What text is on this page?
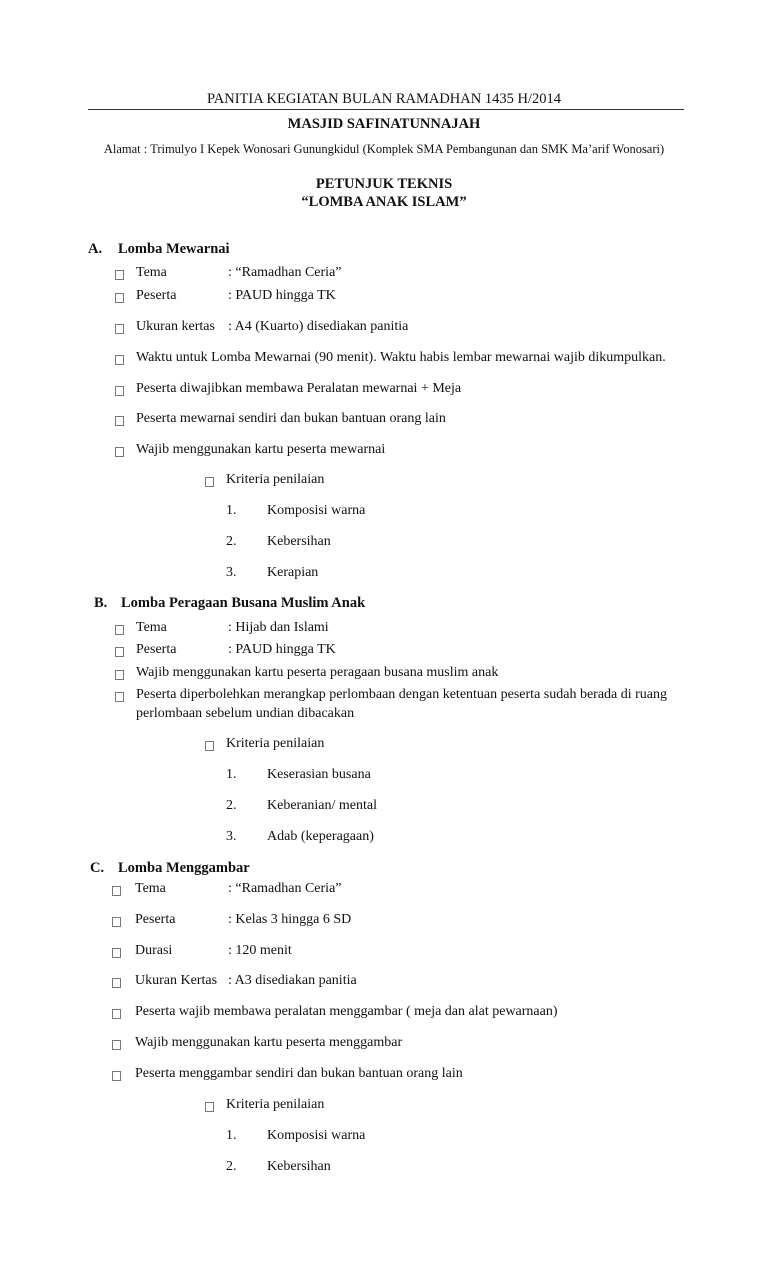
PANITIA KEGIATAN BULAN RAMADHAN 1435 H/2014
MASJID SAFINATUNNAJAH
Alamat : Trimulyo I Kepek Wonosari Gunungkidul (Komplek SMA Pembangunan dan SMK Ma’arif Wonosari)
PETUNJUK TEKNIS
“LOMBA ANAK ISLAM”
A. Lomba Mewarnai
Tema	: “Ramadhan Ceria”
Peserta	: PAUD hingga TK
Ukuran kertas : A4 (Kuarto) disediakan panitia
Waktu untuk Lomba Mewarnai (90 menit). Waktu habis lembar mewarnai wajib dikumpulkan.
Peserta diwajibkan membawa Peralatan mewarnai + Meja
Peserta mewarnai sendiri dan bukan bantuan orang lain
Wajib menggunakan kartu peserta mewarnai
Kriteria penilaian
1. Komposisi warna
2. Kebersihan
3. Kerapian
B. Lomba Peragaan Busana Muslim Anak
Tema	: Hijab dan Islami
Peserta	: PAUD hingga TK
Wajib menggunakan kartu peserta peragaan busana muslim anak
Peserta diperbolehkan merangkap perlombaan dengan ketentuan peserta sudah berada di ruang
perlombaan sebelum undian dibacakan
Kriteria penilaian
1. Keserasian busana
2. Keberanian/ mental
3. Adab (keperagaan)
C. Lomba Menggambar
Tema	: “Ramadhan Ceria”
Peserta	: Kelas 3 hingga 6 SD
Durasi	: 120 menit
Ukuran Kertas : A3 disediakan panitia
Peserta wajib membawa peralatan menggambar ( meja dan alat pewarnaan)
Wajib menggunakan kartu peserta menggambar
Peserta menggambar sendiri dan bukan bantuan orang lain
Kriteria penilaian
1. Komposisi warna
2. Kebersihan
